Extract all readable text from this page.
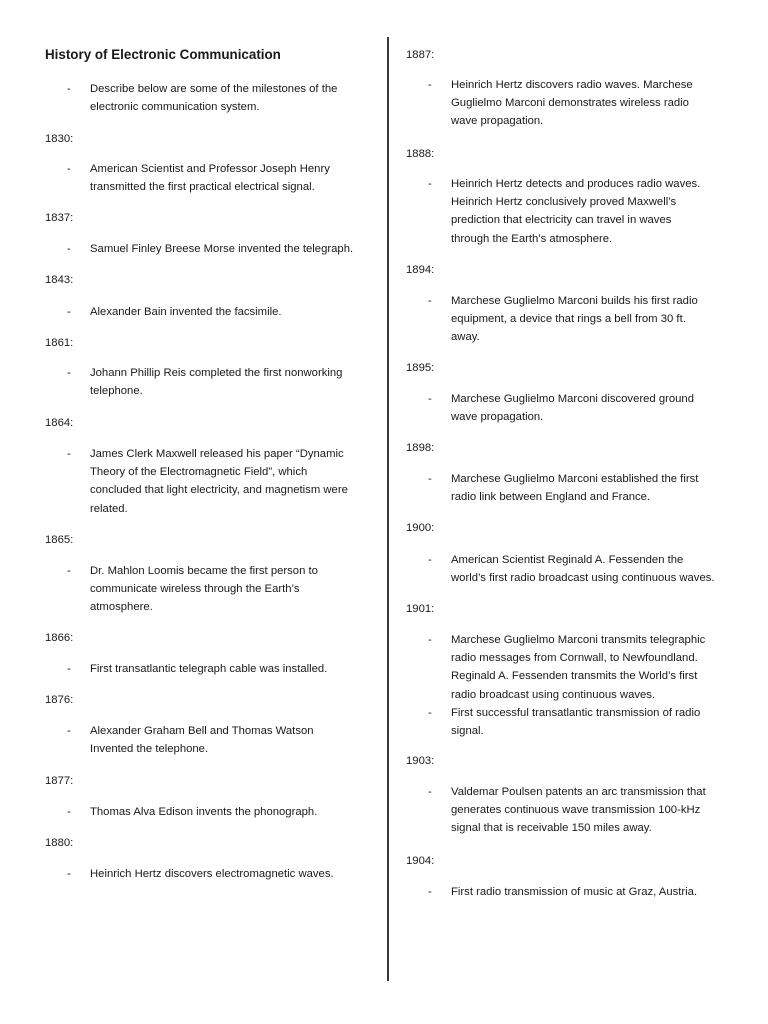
History of Electronic Communication
- Describe below are some of the milestones of the
electronic communication system.
1830:
- American Scientist and Professor Joseph Henry
transmitted the first practical electrical signal.
1837:
- Samuel Finley Breese Morse invented the telegraph.
1843:
- Alexander Bain invented the facsimile.
1861:
- Johann Phillip Reis completed the first nonworking
telephone.
1864:
- James Clerk Maxwell released his paper “Dynamic
Theory of the Electromagnetic Field”, which
concluded that light electricity, and magnetism were
related.
1865:
- Dr. Mahlon Loomis became the first person to
communicate wireless through the Earth’s
atmosphere.
1866:
- First transatlantic telegraph cable was installed.
1876:
- Alexander Graham Bell and Thomas Watson
Invented the telephone.
1877:
- Thomas Alva Edison invents the phonograph.
1880:
- Heinrich Hertz discovers electromagnetic waves.
1887:
- Heinrich Hertz discovers radio waves. Marchese
Guglielmo Marconi demonstrates wireless radio
wave propagation.
1888:
- Heinrich Hertz detects and produces radio waves.
Heinrich Hertz conclusively proved Maxwell’s
prediction that electricity can travel in waves
through the Earth’s atmosphere.
1894:
- Marchese Guglielmo Marconi builds his first radio
equipment, a device that rings a bell from 30 ft.
away.
1895:
- Marchese Guglielmo Marconi discovered ground
wave propagation.
1898:
- Marchese Guglielmo Marconi established the first
radio link between England and France.
1900:
- American Scientist Reginald A. Fessenden the
world’s first radio broadcast using continuous waves.
1901:
- Marchese Guglielmo Marconi transmits telegraphic
radio messages from Cornwall, to Newfoundland.
Reginald A. Fessenden transmits the World’s first
radio broadcast using continuous waves.
- First successful transatlantic transmission of radio
signal.
1903:
- Valdemar Poulsen patents an arc transmission that
generates continuous wave transmission 100-kHz
signal that is receivable 150 miles away.
1904:
- First radio transmission of music at Graz, Austria.
